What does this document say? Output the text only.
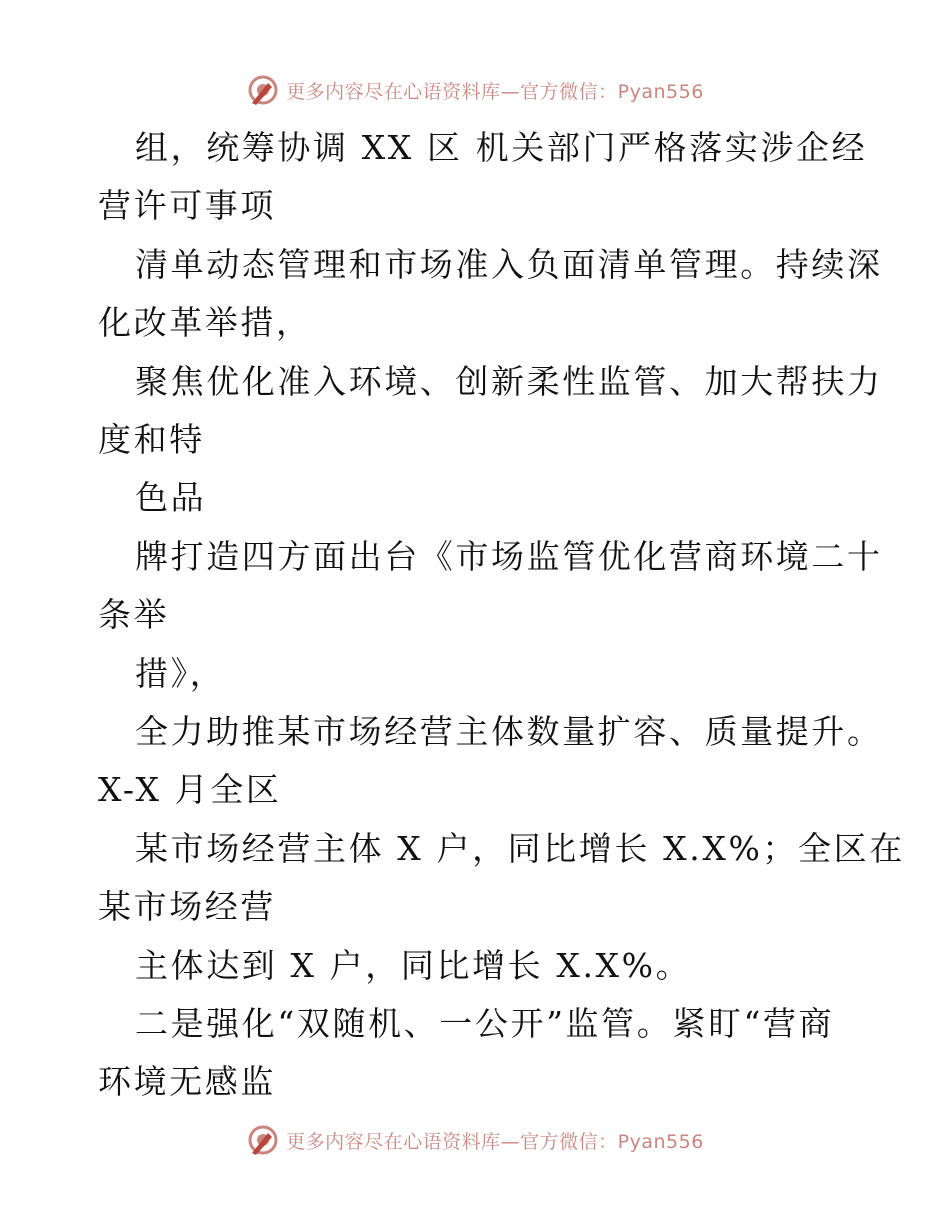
更多内容尽在心语资料库—官方微信：Pyan556
组，统筹协调 XX 区 机关部门严格落实涉企经
营许可事项
清单动态管理和市场准入负面清单管理。持续深
化改革举措，
聚焦优化准入环境、创新柔性监管、加大帮扶力
度和特
色品
牌打造四方面出台《市场监管优化营商环境二十
条举
措》，
全力助推某市场经营主体数量扩容、质量提升。
X-X 月全区
某市场经营主体 X 户，同比增长 X.X%；全区在
某市场经营
主体达到 X 户，同比增长 X.X%。
二是强化“双随机、一公开”监管。紧盯“营商
环境无感监
更多内容尽在心语资料库—官方微信：Pyan556
